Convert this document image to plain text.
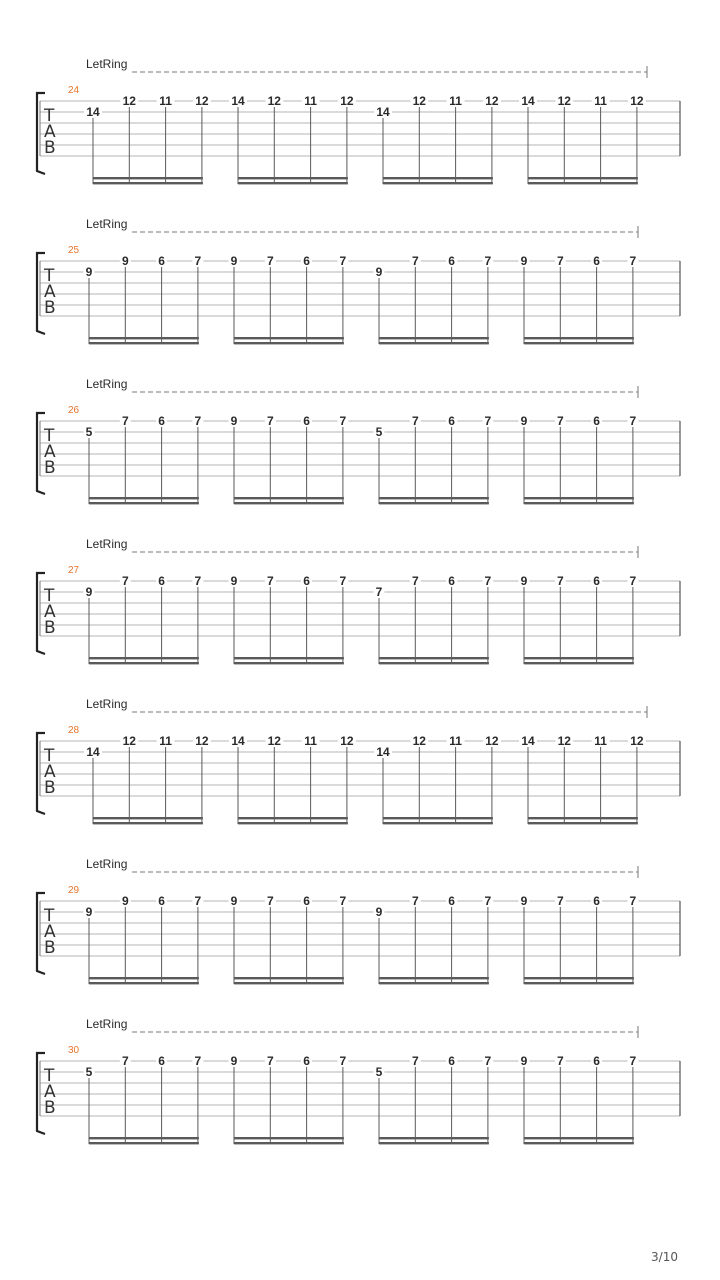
LetRing
24
T
A
B
14
12 11 12 14 12 11 12
14
12 11 12 14 12 11 12
LetRing
25
T
A
B
9
9 6 7 9 7 6 7
9
7 6 7 9 7 6 7
LetRing
26
T
A
B
5
7 6 7 9 7 6 7
5
7 6 7 9 7 6 7
LetRing
27
T
A
B
9
7 6 7 9 7 6 7
7
7 6 7 9 7 6 7
LetRing
28
T
A
B
14
12 11 12 14 12 11 12
14
12 11 12 14 12 11 12
LetRing
29
T
A
B
9
9 6 7 9 7 6 7
9
7 6 7 9 7 6 7
LetRing
30
T
A
B
5
7 6 7 9 7 6 7
5
7 6 7 9 7 6 7
3/10
